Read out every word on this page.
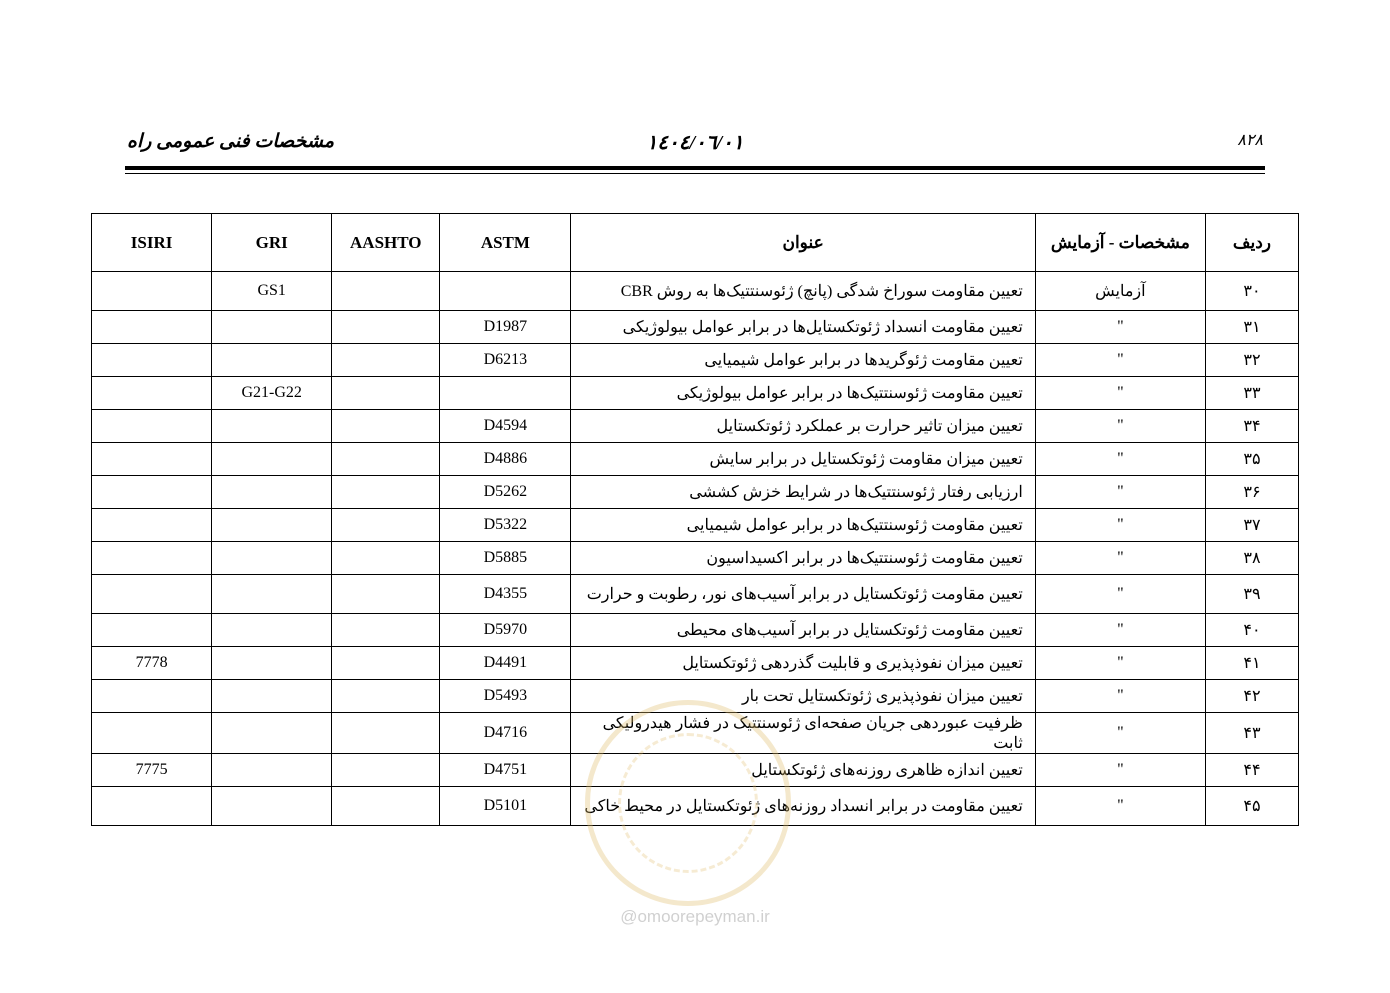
مشخصات فنی عمومی راه	۱٤۰٤/۰٦/۰۱	۸۲۸
ردیف	مشخصات - آزمایش	عنوان	ASTM	AASHTO	GRI	ISIRI
۳۰	آزمایش	تعیین مقاومت سوراخ شدگی (پانچ) ژئوسنتتیک‌ها به روش CBR			GS1	
۳۱	"	تعیین مقاومت انسداد ژئوتکستایل‌ها در برابر عوامل بیولوژیکی	D1987			
۳۲	"	تعیین مقاومت ژئوگریدها در برابر عوامل شیمیایی	D6213			
۳۳	"	تعیین مقاومت ژئوسنتتیک‌ها در برابر عوامل بیولوژیکی			G21-G22	
۳۴	"	تعیین میزان تاثیر حرارت بر عملکرد ژئوتکستایل	D4594			
۳۵	"	تعیین میزان مقاومت ژئوتکستایل در برابر سایش	D4886			
۳۶	"	ارزیابی رفتار ژئوسنتتیک‌ها در شرایط خزش کششی	D5262			
۳۷	"	تعیین مقاومت ژئوسنتتیک‌ها در برابر عوامل شیمیایی	D5322			
۳۸	"	تعیین مقاومت ژئوسنتتیک‌ها در برابر اکسیداسیون	D5885			
۳۹	"	تعیین مقاومت ژئوتکستایل در برابر آسیب‌های نور، رطوبت و حرارت	D4355			
۴۰	"	تعیین مقاومت ژئوتکستایل در برابر آسیب‌های محیطی	D5970			
۴۱	"	تعیین میزان نفوذپذیری و قابلیت گذردهی ژئوتکستایل	D4491			7778
۴۲	"	تعیین میزان نفوذپذیری ژئوتکستایل تحت بار	D5493			
۴۳	"	ظرفیت عبوردهی جریان صفحه‌ای ژئوسنتتیک در فشار هیدرولیکی ثابت	D4716			
۴۴	"	تعیین اندازه ظاهری روزنه‌های ژئوتکستایل	D4751			7775
۴۵	"	تعیین مقاومت در برابر انسداد روزنه‌های ژئوتکستایل در محیط خاکی	D5101			
@omoorepeyman.ir
